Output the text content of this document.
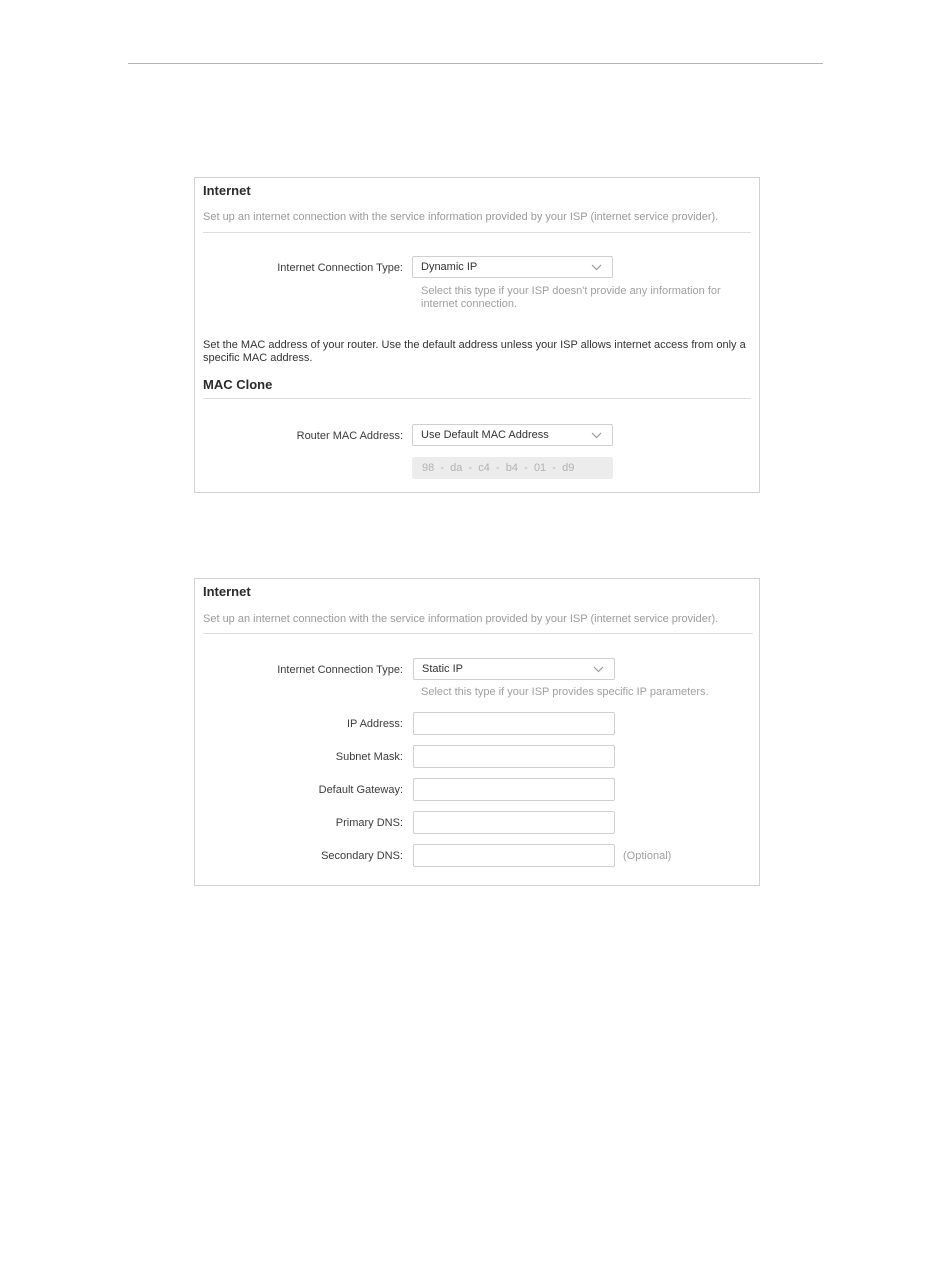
Internet
Set up an internet connection with the service information provided by your ISP (internet service provider).
Internet Connection Type:	Dynamic IP
Select this type if your ISP doesn't provide any information for internet connection.
Set the MAC address of your router. Use the default address unless your ISP allows internet access from only a specific MAC address.
MAC Clone
Router MAC Address:	Use Default MAC Address
98  -  da  -  c4  -  b4  -  01  -  d9
Internet
Set up an internet connection with the service information provided by your ISP (internet service provider).
Internet Connection Type:	Static IP
Select this type if your ISP provides specific IP parameters.
IP Address:
Subnet Mask:
Default Gateway:
Primary DNS:
Secondary DNS:	(Optional)
